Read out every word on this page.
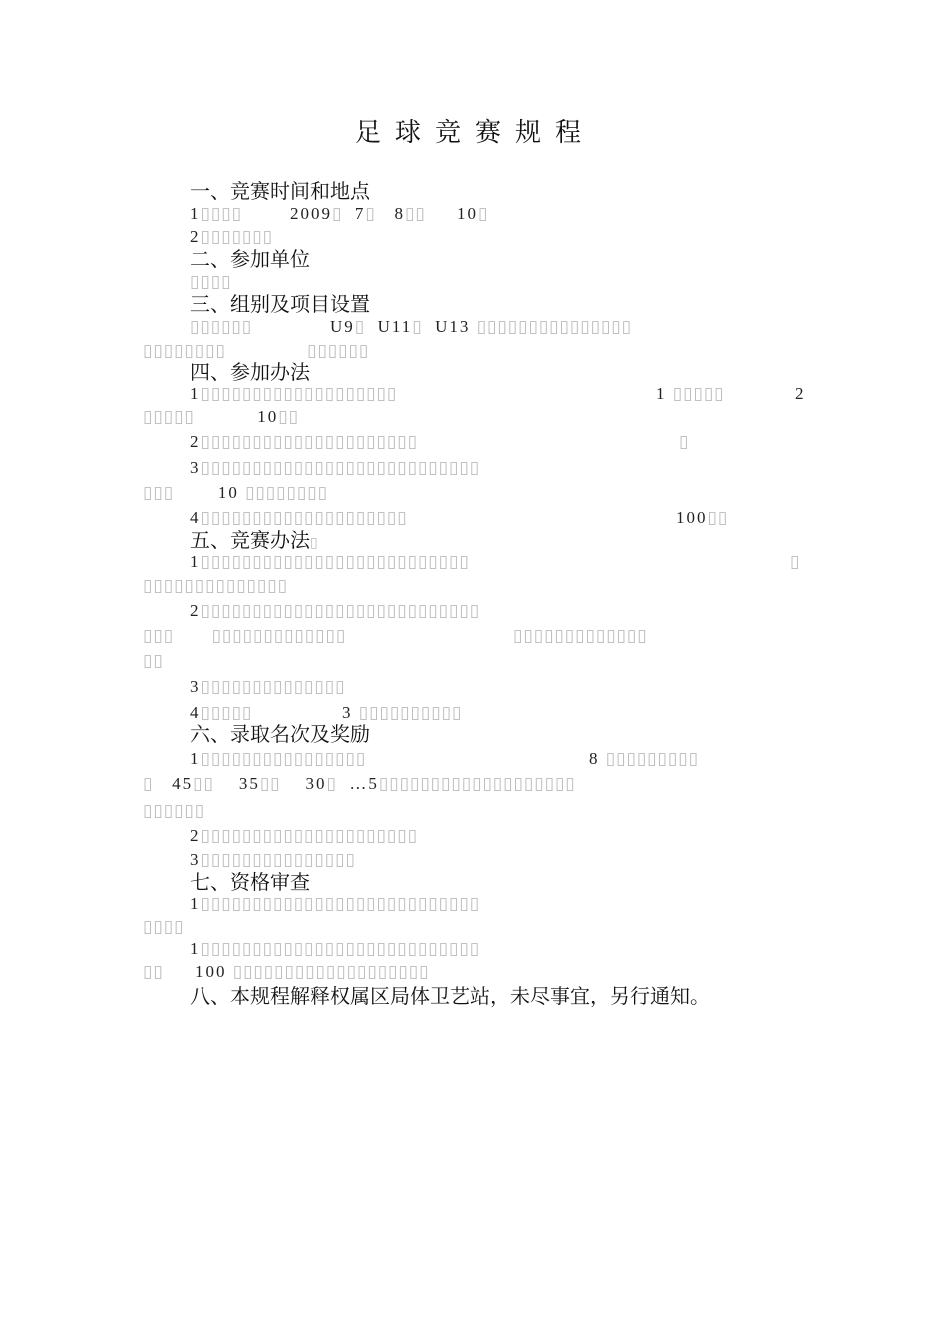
足球竞赛规程
一、竞赛时间和地点
1▯▯▯▯	2009▯ 7▯ 8▯▯ 10▯
2▯▯▯▯▯▯▯
二、参加单位
▯▯▯▯
三、组别及项目设置
▯▯▯▯▯▯	U9▯ U11▯ U13 ▯▯▯▯▯▯▯▯▯▯▯▯▯▯▯
▯▯▯▯▯▯▯▯	▯▯▯▯▯▯
四、参加办法
1▯▯▯▯▯▯▯▯▯▯▯▯▯▯▯▯▯▯▯	1 ▯▯▯▯▯	2
▯▯▯▯▯	10▯▯
2▯▯▯▯▯▯▯▯▯▯▯▯▯▯▯▯▯▯▯▯▯	▯
3▯▯▯▯▯▯▯▯▯▯▯▯▯▯▯▯▯▯▯▯▯▯▯▯▯▯▯
▯▯▯	10 ▯▯▯▯▯▯▯▯
4▯▯▯▯▯▯▯▯▯▯▯▯▯▯▯▯▯▯▯▯	100▯▯
五、竞赛办法▯
1▯▯▯▯▯▯▯▯▯▯▯▯▯▯▯▯▯▯▯▯▯▯▯▯▯▯	▯
▯▯▯▯▯▯▯▯▯▯▯▯▯▯
2▯▯▯▯▯▯▯▯▯▯▯▯▯▯▯▯▯▯▯▯▯▯▯▯▯▯▯
▯▯▯ ▯▯▯▯▯▯▯▯▯▯▯▯▯	▯▯▯▯▯▯▯▯▯▯▯▯▯
▯▯
3▯▯▯▯▯▯▯▯▯▯▯▯▯▯
4▯▯▯▯▯	3 ▯▯▯▯▯▯▯▯▯▯
六、录取名次及奖励
1▯▯▯▯▯▯▯▯▯▯▯▯▯▯▯▯	8 ▯▯▯▯▯▯▯▯▯
▯ 45▯▯ 35▯▯ 30▯ …5▯▯▯▯▯▯▯▯▯▯▯▯▯▯▯▯▯▯▯
▯▯▯▯▯▯
2▯▯▯▯▯▯▯▯▯▯▯▯▯▯▯▯▯▯▯▯▯
3▯▯▯▯▯▯▯▯▯▯▯▯▯▯▯
七、资格审查
1▯▯▯▯▯▯▯▯▯▯▯▯▯▯▯▯▯▯▯▯▯▯▯▯▯▯▯
▯▯▯▯
1▯▯▯▯▯▯▯▯▯▯▯▯▯▯▯▯▯▯▯▯▯▯▯▯▯▯▯
▯▯ 100 ▯▯▯▯▯▯▯▯▯▯▯▯▯▯▯▯▯▯▯
八、本规程解释权属区局体卫艺站，未尽事宜，另行通知。
